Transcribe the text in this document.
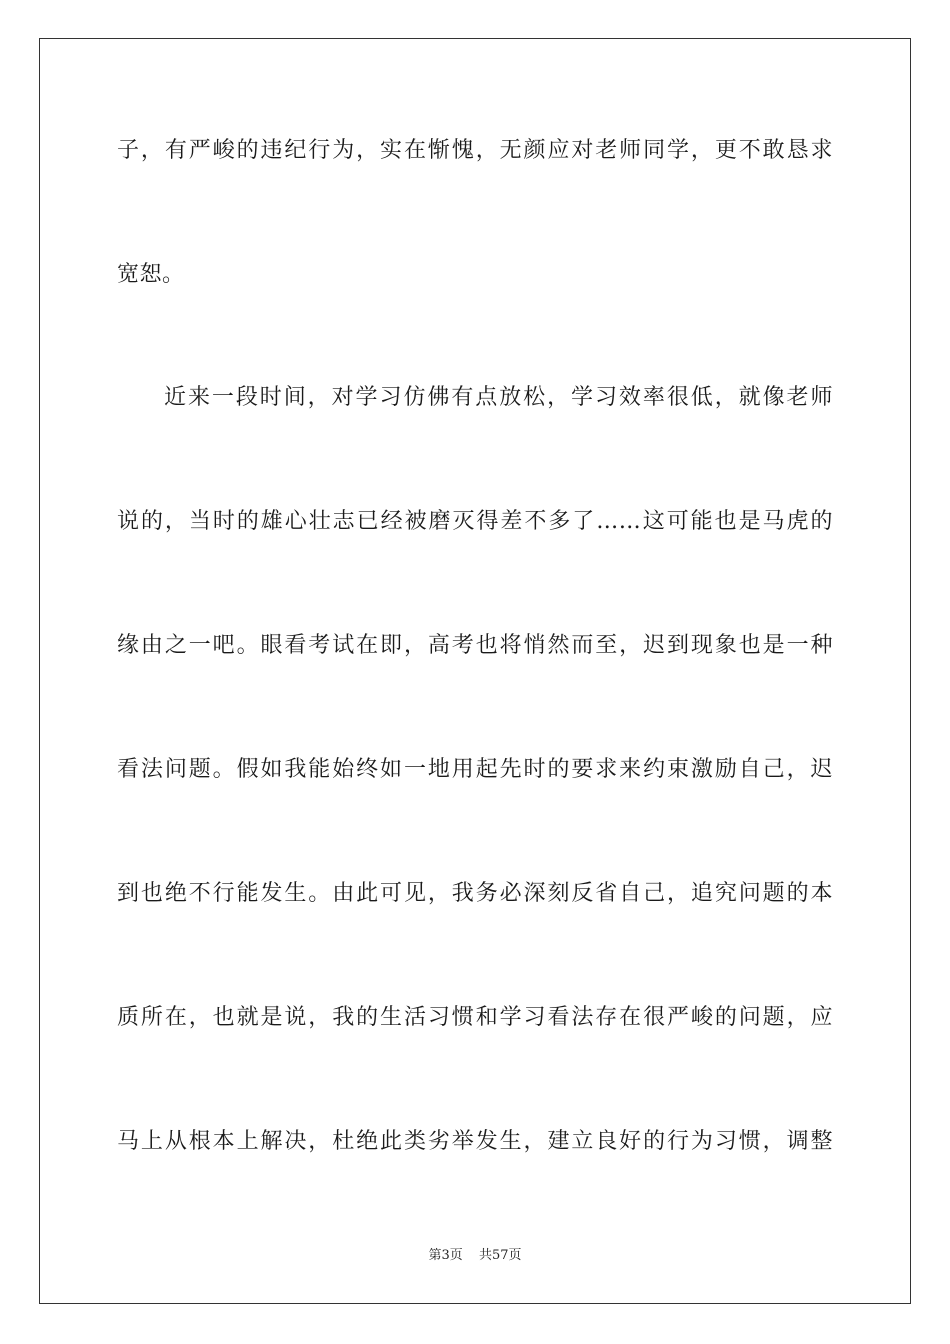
子，有严峻的违纪行为，实在惭愧，无颜应对老师同学，更不敢恳求
宽恕。
近来一段时间，对学习仿佛有点放松，学习效率很低，就像老师
说的，当时的雄心壮志已经被磨灭得差不多了……这可能也是马虎的
缘由之一吧。眼看考试在即，高考也将悄然而至，迟到现象也是一种
看法问题。假如我能始终如一地用起先时的要求来约束激励自己，迟
到也绝不行能发生。由此可见，我务必深刻反省自己，追究问题的本
质所在，也就是说，我的生活习惯和学习看法存在很严峻的问题，应
马上从根本上解决，杜绝此类劣举发生，建立良好的行为习惯，调整
第3页 共57页
